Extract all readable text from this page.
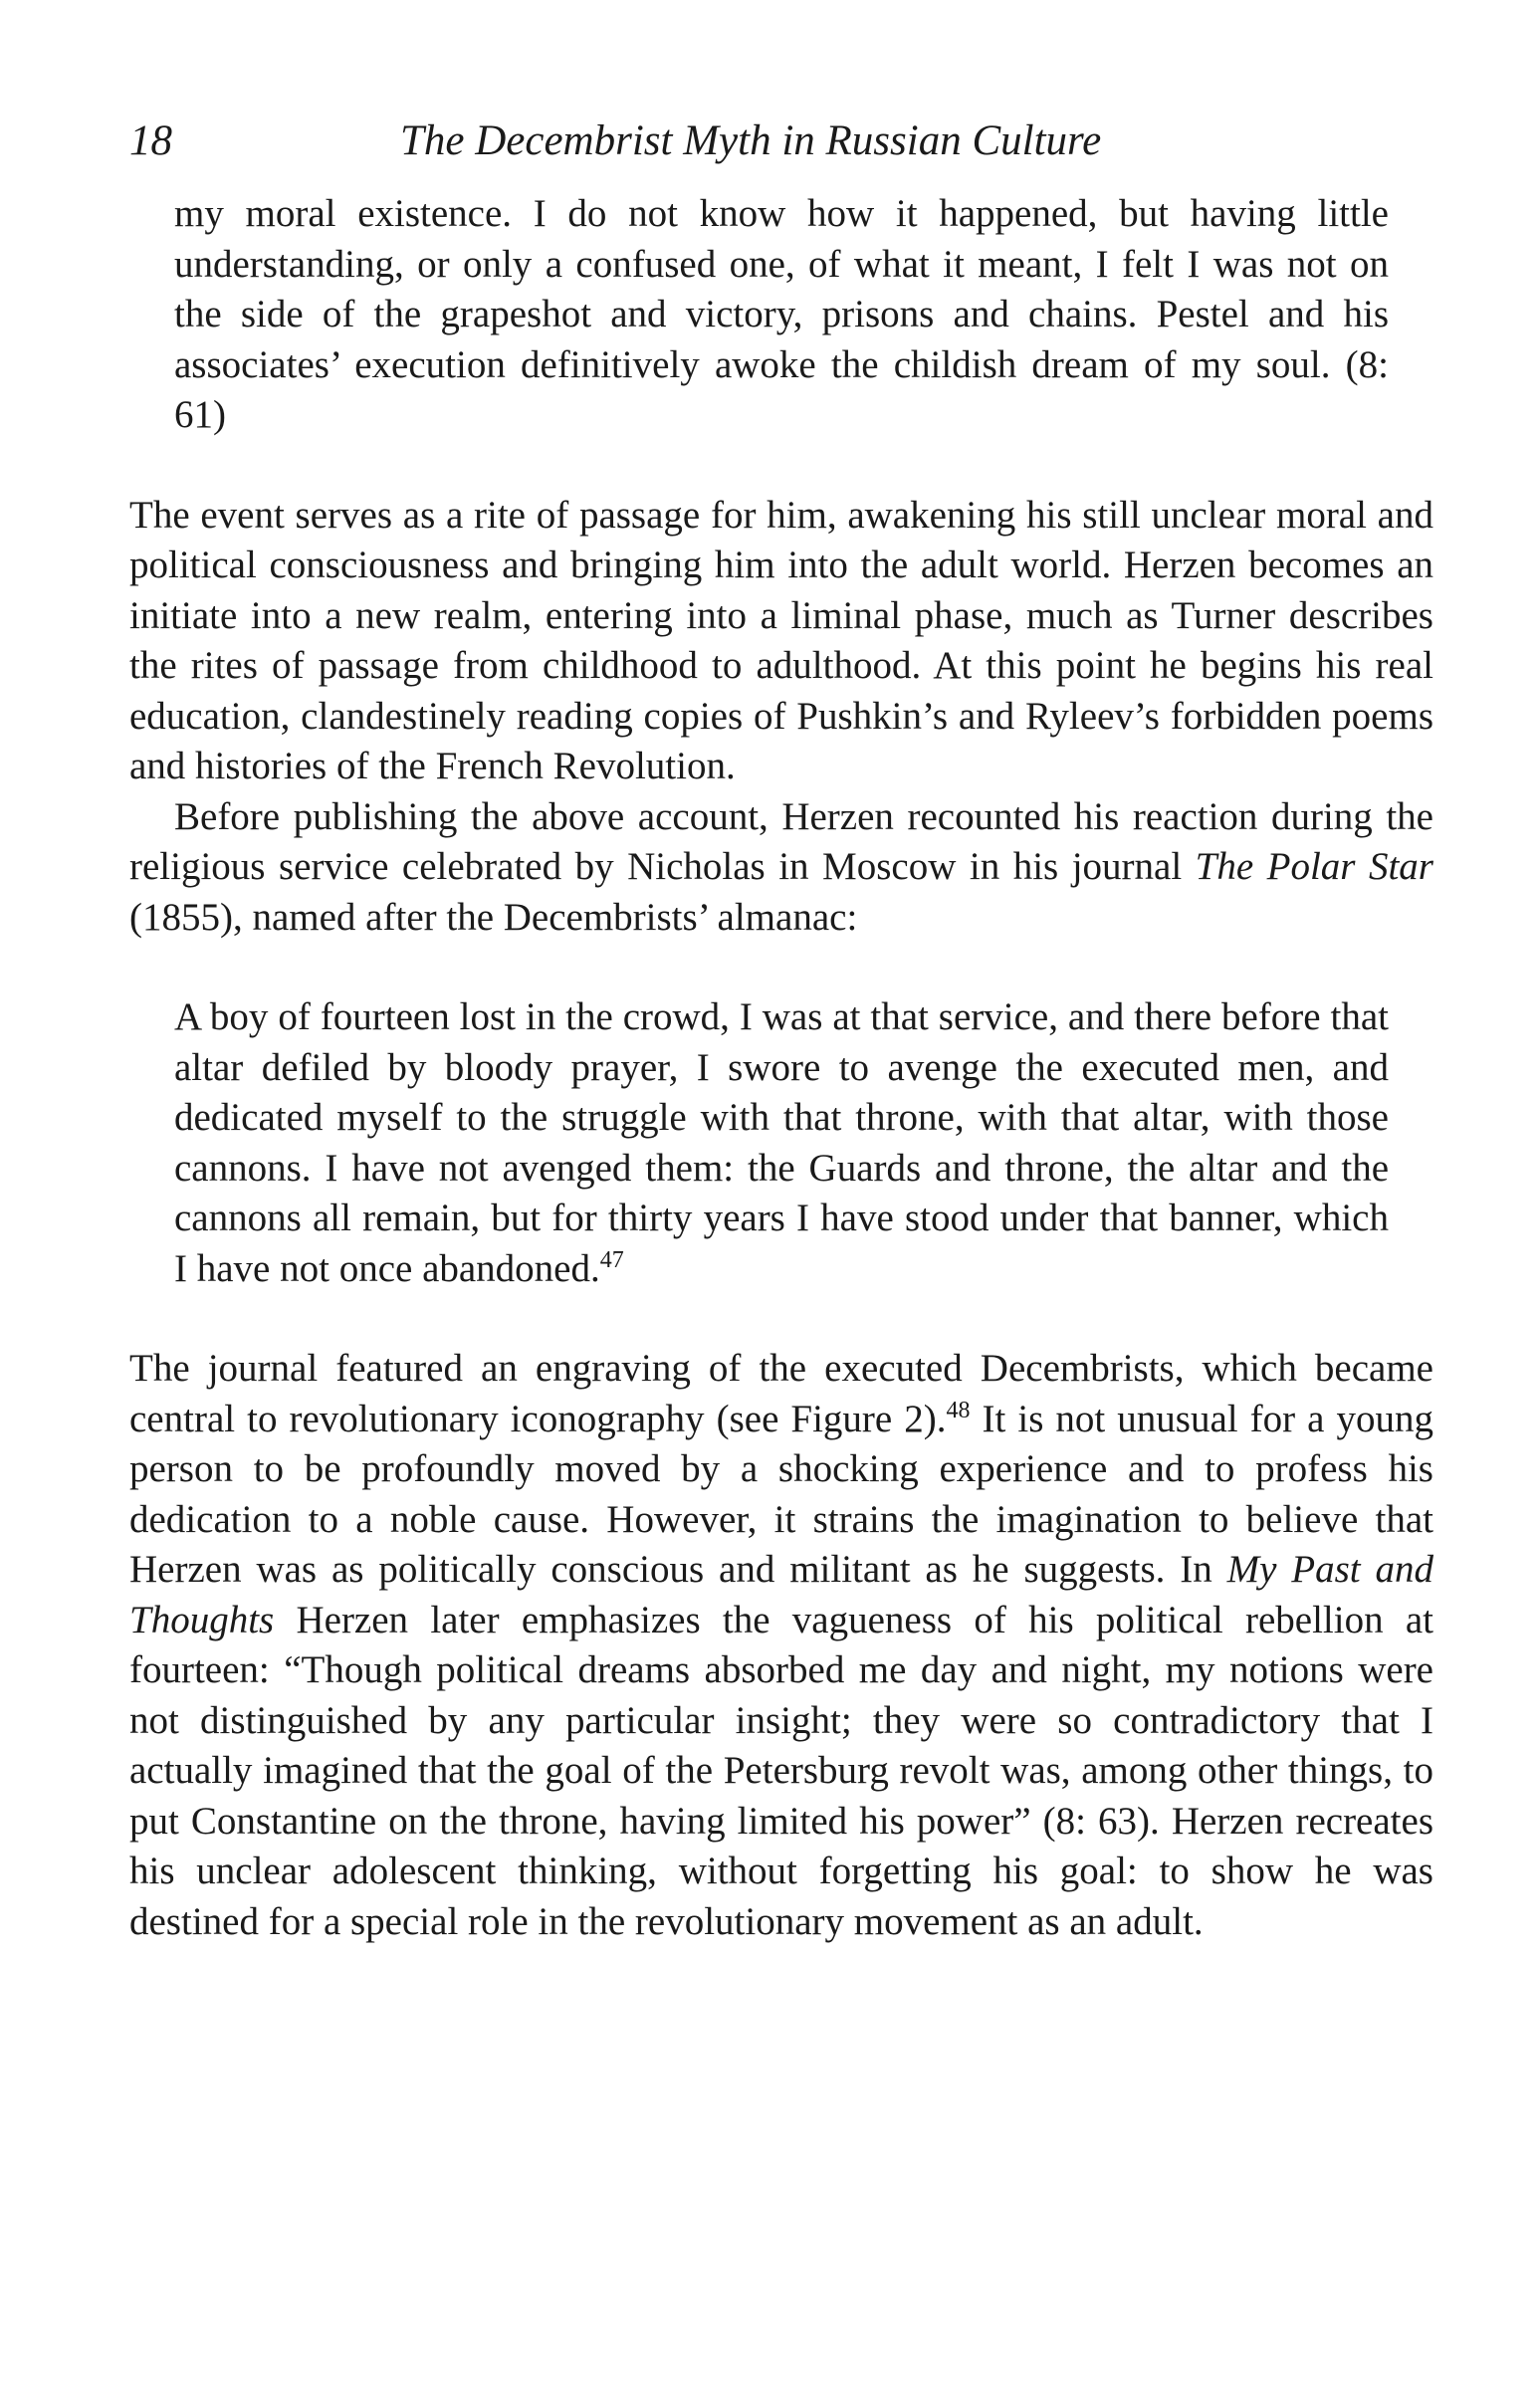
18	The Decembrist Myth in Russian Culture

my moral existence. I do not know how it happened, but having little understanding, or only a confused one, of what it meant, I felt I was not on the side of the grapeshot and victory, prisons and chains. Pestel and his associates’ execution definitively awoke the childish dream of my soul. (8: 61)

The event serves as a rite of passage for him, awakening his still unclear moral and political consciousness and bringing him into the adult world. Herzen becomes an initiate into a new realm, entering into a liminal phase, much as Turner describes the rites of passage from childhood to adulthood. At this point he begins his real education, clandestinely reading copies of Pushkin’s and Ryleev’s forbidden poems and histories of the French Revolution.

Before publishing the above account, Herzen recounted his reaction during the religious service celebrated by Nicholas in Moscow in his journal The Polar Star (1855), named after the Decembrists’ almanac:

A boy of fourteen lost in the crowd, I was at that service, and there before that altar defiled by bloody prayer, I swore to avenge the executed men, and dedicated myself to the struggle with that throne, with that altar, with those cannons. I have not avenged them: the Guards and throne, the altar and the cannons all remain, but for thirty years I have stood under that banner, which I have not once abandoned.$^{47}$

The journal featured an engraving of the executed Decembrists, which became central to revolutionary iconography (see Figure 2).$^{48}$ It is not unusual for a young person to be profoundly moved by a shocking experience and to profess his dedication to a noble cause. However, it strains the imagination to believe that Herzen was as politically conscious and militant as he suggests. In My Past and Thoughts Herzen later emphasizes the vagueness of his political rebellion at fourteen: “Though political dreams absorbed me day and night, my notions were not distinguished by any particular insight; they were so contradictory that I actually imagined that the goal of the Petersburg revolt was, among other things, to put Constantine on the throne, having limited his power” (8: 63). Herzen recreates his unclear adolescent thinking, without forgetting his goal: to show he was destined for a special role in the revolutionary movement as an adult.
